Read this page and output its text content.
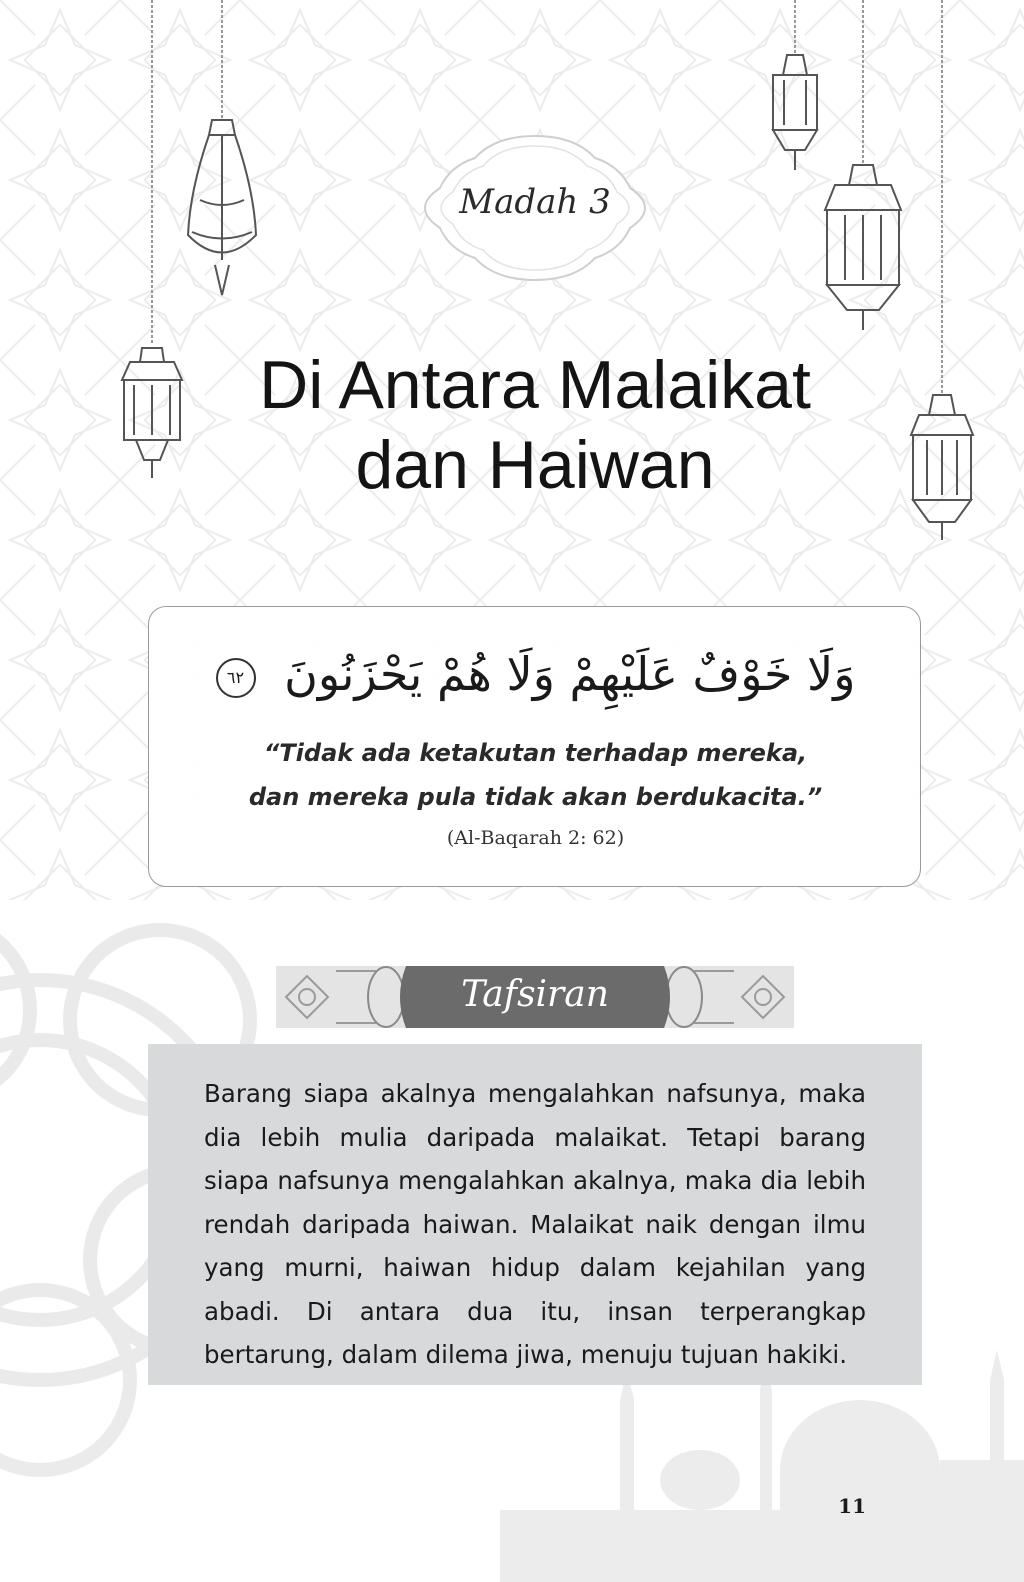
Madah 3
Di Antara Malaikat
dan Haiwan
وَلَا خَوْفٌ عَلَيْهِمْ وَلَا هُمْ يَحْزَنُونَ ٦٢
“Tidak ada ketakutan terhadap mereka,
dan mereka pula tidak akan berdukacita.”
(Al-Baqarah 2: 62)
Tafsiran

Barang siapa akalnya mengalahkan nafsunya, maka dia lebih mulia daripada malaikat. Tetapi barang siapa nafsunya mengalahkan akalnya, maka dia lebih rendah daripada haiwan. Malaikat naik dengan ilmu yang murni, haiwan hidup dalam kejahilan yang abadi. Di antara dua itu, insan terperangkap bertarung, dalam dilema jiwa, menuju tujuan hakiki.

11
